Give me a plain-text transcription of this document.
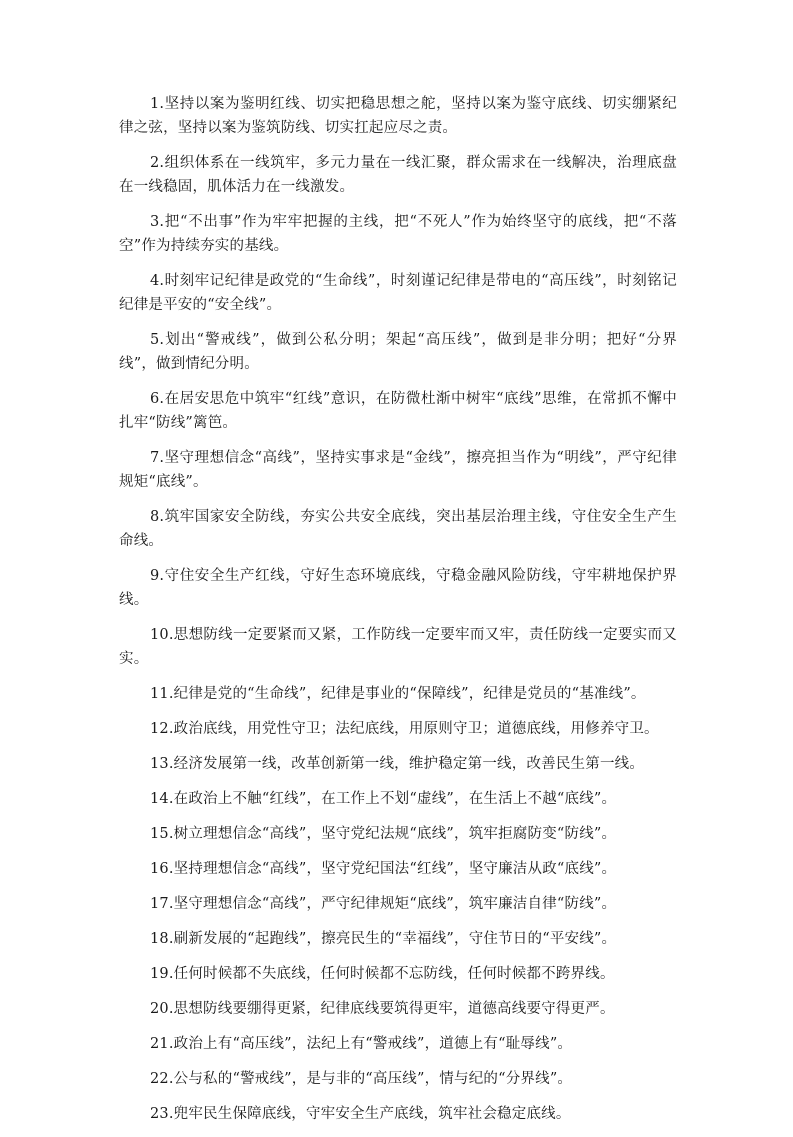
1.坚持以案为鉴明红线、切实把稳思想之舵，坚持以案为鉴守底线、切实绷紧纪律之弦，坚持以案为鉴筑防线、切实扛起应尽之责。

2.组织体系在一线筑牢，多元力量在一线汇聚，群众需求在一线解决，治理底盘在一线稳固，肌体活力在一线激发。

3.把“不出事”作为牢牢把握的主线，把“不死人”作为始终坚守的底线，把“不落空”作为持续夯实的基线。

4.时刻牢记纪律是政党的“生命线”，时刻谨记纪律是带电的“高压线”，时刻铭记纪律是平安的“安全线”。

5.划出“警戒线”，做到公私分明；架起“高压线”，做到是非分明；把好“分界线”，做到情纪分明。

6.在居安思危中筑牢“红线”意识，在防微杜渐中树牢“底线”思维，在常抓不懈中扎牢“防线”篱笆。

7.坚守理想信念“高线”，坚持实事求是“金线”，擦亮担当作为“明线”，严守纪律规矩“底线”。

8.筑牢国家安全防线，夯实公共安全底线，突出基层治理主线，守住安全生产生命线。

9.守住安全生产红线，守好生态环境底线，守稳金融风险防线，守牢耕地保护界线。

10.思想防线一定要紧而又紧，工作防线一定要牢而又牢，责任防线一定要实而又实。

11.纪律是党的“生命线”，纪律是事业的“保障线”，纪律是党员的“基准线”。

12.政治底线，用党性守卫；法纪底线，用原则守卫；道德底线，用修养守卫。

13.经济发展第一线，改革创新第一线，维护稳定第一线，改善民生第一线。

14.在政治上不触“红线”，在工作上不划“虚线”，在生活上不越“底线”。

15.树立理想信念“高线”，坚守党纪法规“底线”，筑牢拒腐防变“防线”。

16.坚持理想信念“高线”，坚守党纪国法“红线”，坚守廉洁从政“底线”。

17.坚守理想信念“高线”，严守纪律规矩“底线”，筑牢廉洁自律“防线”。

18.刷新发展的“起跑线”，擦亮民生的“幸福线”，守住节日的“平安线”。

19.任何时候都不失底线，任何时候都不忘防线，任何时候都不跨界线。

20.思想防线要绷得更紧，纪律底线要筑得更牢，道德高线要守得更严。

21.政治上有“高压线”，法纪上有“警戒线”，道德上有“耻辱线”。

22.公与私的“警戒线”，是与非的“高压线”，情与纪的“分界线”。

23.兜牢民生保障底线，守牢安全生产底线，筑牢社会稳定底线。
